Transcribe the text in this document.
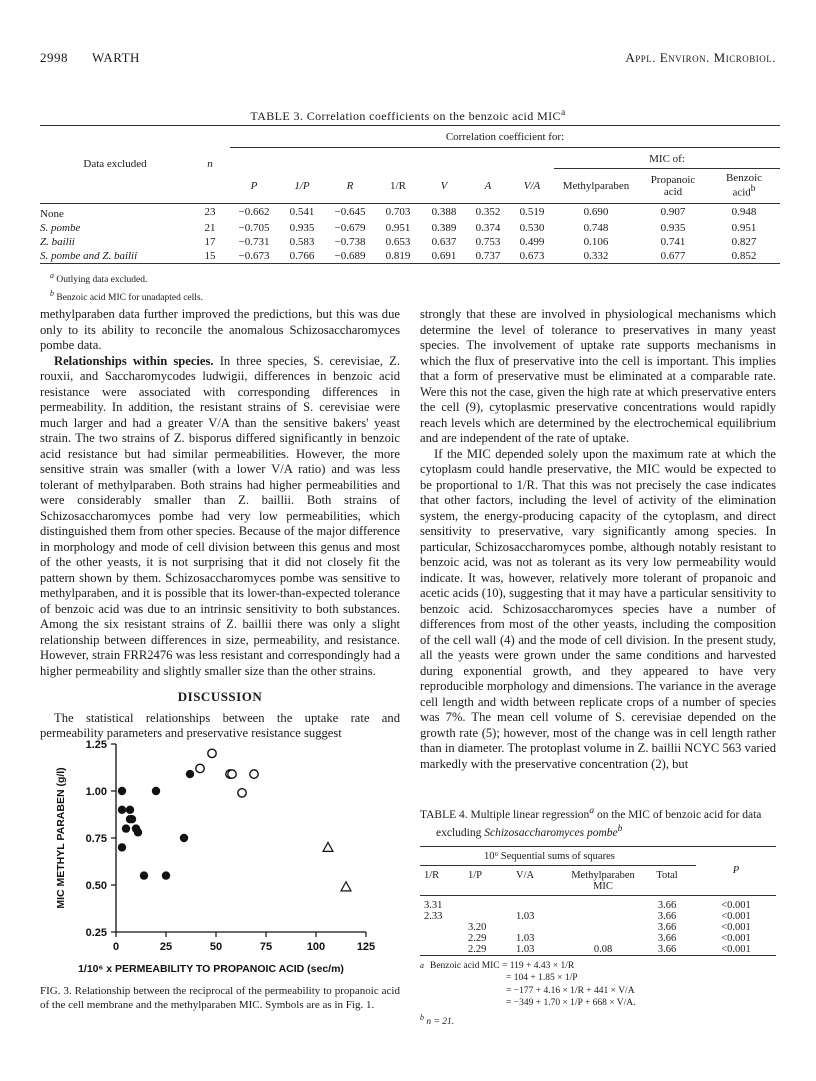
2998 WARTH	Appl. Environ. Microbiol.
TABLE 3. Correlation coefficients on the benzoic acid MIC$^a$
Data excluded	n	Correlation coefficient for:									
									MIC of:		
		P	1/P	R	1/R	V	A	V/A	Methylparaben	Propanoic acid	Benzoic acid$^b$
None	23	−0.662	0.541	−0.645	0.703	0.388	0.352	0.519	0.690	0.907	0.948
S. pombe	21	−0.705	0.935	−0.679	0.951	0.389	0.374	0.530	0.748	0.935	0.951
Z. bailii	17	−0.731	0.583	−0.738	0.653	0.637	0.753	0.499	0.106	0.741	0.827
S. pombe and Z. bailii	15	−0.673	0.766	−0.689	0.819	0.691	0.737	0.673	0.332	0.677	0.852
$^a$ Outlying data excluded.
$^b$ Benzoic acid MIC for unadapted cells.

methylparaben data further improved the predictions, but this was due only to its ability to reconcile the anomalous Schizosaccharomyces pombe data.

Relationships within species. In three species, S. cerevisiae, Z. rouxii, and Saccharomycodes ludwigii, differences in benzoic acid resistance were associated with corresponding differences in permeability. In addition, the resistant strains of S. cerevisiae were much larger and had a greater V/A than the sensitive bakers' yeast strain. The two strains of Z. bisporus differed significantly in benzoic acid resistance but had similar permeabilities. However, the more sensitive strain was smaller (with a lower V/A ratio) and was less tolerant of methylparaben. Both strains had higher permeabilities and were considerably smaller than Z. baillii. Both strains of Schizosaccharomyces pombe had very low permeabilities, which distinguished them from other species. Because of the major difference in morphology and mode of cell division between this genus and most of the other yeasts, it is not surprising that it did not closely fit the pattern shown by them. Schizosaccharomyces pombe was sensitive to methylparaben, and it is possible that its lower-than-expected tolerance of benzoic acid was due to an intrinsic sensitivity to both substances. Among the six resistant strains of Z. baillii there was only a slight relationship between differences in size, permeability, and resistance. However, strain FRR2476 was less resistant and correspondingly had a higher permeability and slightly smaller size than the other strains.

DISCUSSION

The statistical relationships between the uptake rate and permeability parameters and preservative resistance suggest

0.25
0.50
0.75
1.00
1.25
0	25	50	75	100	125
MIC METHYL PARABEN (g/l)
1/10⁶ x PERMEABILITY TO PROPANOIC ACID (sec/m)
FIG. 3. Relationship between the reciprocal of the permeability to propanoic acid of the cell membrane and the methylparaben MIC. Symbols are as in Fig. 1.

strongly that these are involved in physiological mechanisms which determine the level of tolerance to preservatives in many yeast species. The involvement of uptake rate supports mechanisms in which the flux of preservative into the cell is important. This implies that a form of preservative must be eliminated at a comparable rate. Were this not the case, given the high rate at which preservative enters the cell (9), cytoplasmic preservative concentrations would rapidly reach levels which are determined by the electrochemical equilibrium and are independent of the rate of uptake.

If the MIC depended solely upon the maximum rate at which the cytoplasm could handle preservative, the MIC would be expected to be proportional to 1/R. That this was not precisely the case indicates that other factors, including the level of activity of the elimination system, the energy-producing capacity of the cytoplasm, and direct sensitivity to preservative, vary significantly among species. In particular, Schizosaccharomyces pombe, although notably resistant to benzoic acid, was not as tolerant as its very low permeability would indicate. It was, however, relatively more tolerant of propanoic and acetic acids (10), suggesting that it may have a particular sensitivity to benzoic acid. Schizosaccharomyces species have a number of differences from most of the other yeasts, including the composition of the cell wall (4) and the mode of cell division. In the present study, all the yeasts were grown under the same conditions and harvested during exponential growth, and they appeared to have very reproducible morphology and dimensions. The variance in the average cell length and width between replicate crops of a number of species was 7%. The mean cell volume of S. cerevisiae depended on the growth rate (5); however, most of the change was in cell length rather than in diameter. The protoplast volume in Z. baillii NCYC 563 varied markedly with the preservative concentration (2), but

TABLE 4. Multiple linear regression$^a$ on the MIC of benzoic acid for data excluding Schizosaccharomyces pombe$^b$
10⁶ Sequential sums of squares					P
1/R	1/P	V/A	Methylparaben MIC	Total	
3.31				3.66	<0.001
2.33		1.03		3.66	<0.001
	3.20			3.66	<0.001
	2.29	1.03		3.66	<0.001
	2.29	1.03	0.08	3.66	<0.001
a Benzoic acid MIC = 119 + 4.43 × 1/R
= 104 + 1.85 × 1/P
= −177 + 4.16 × 1/R + 441 × V/A
= −349 + 1.70 × 1/P + 668 × V/A.
$^b$ n = 21.
